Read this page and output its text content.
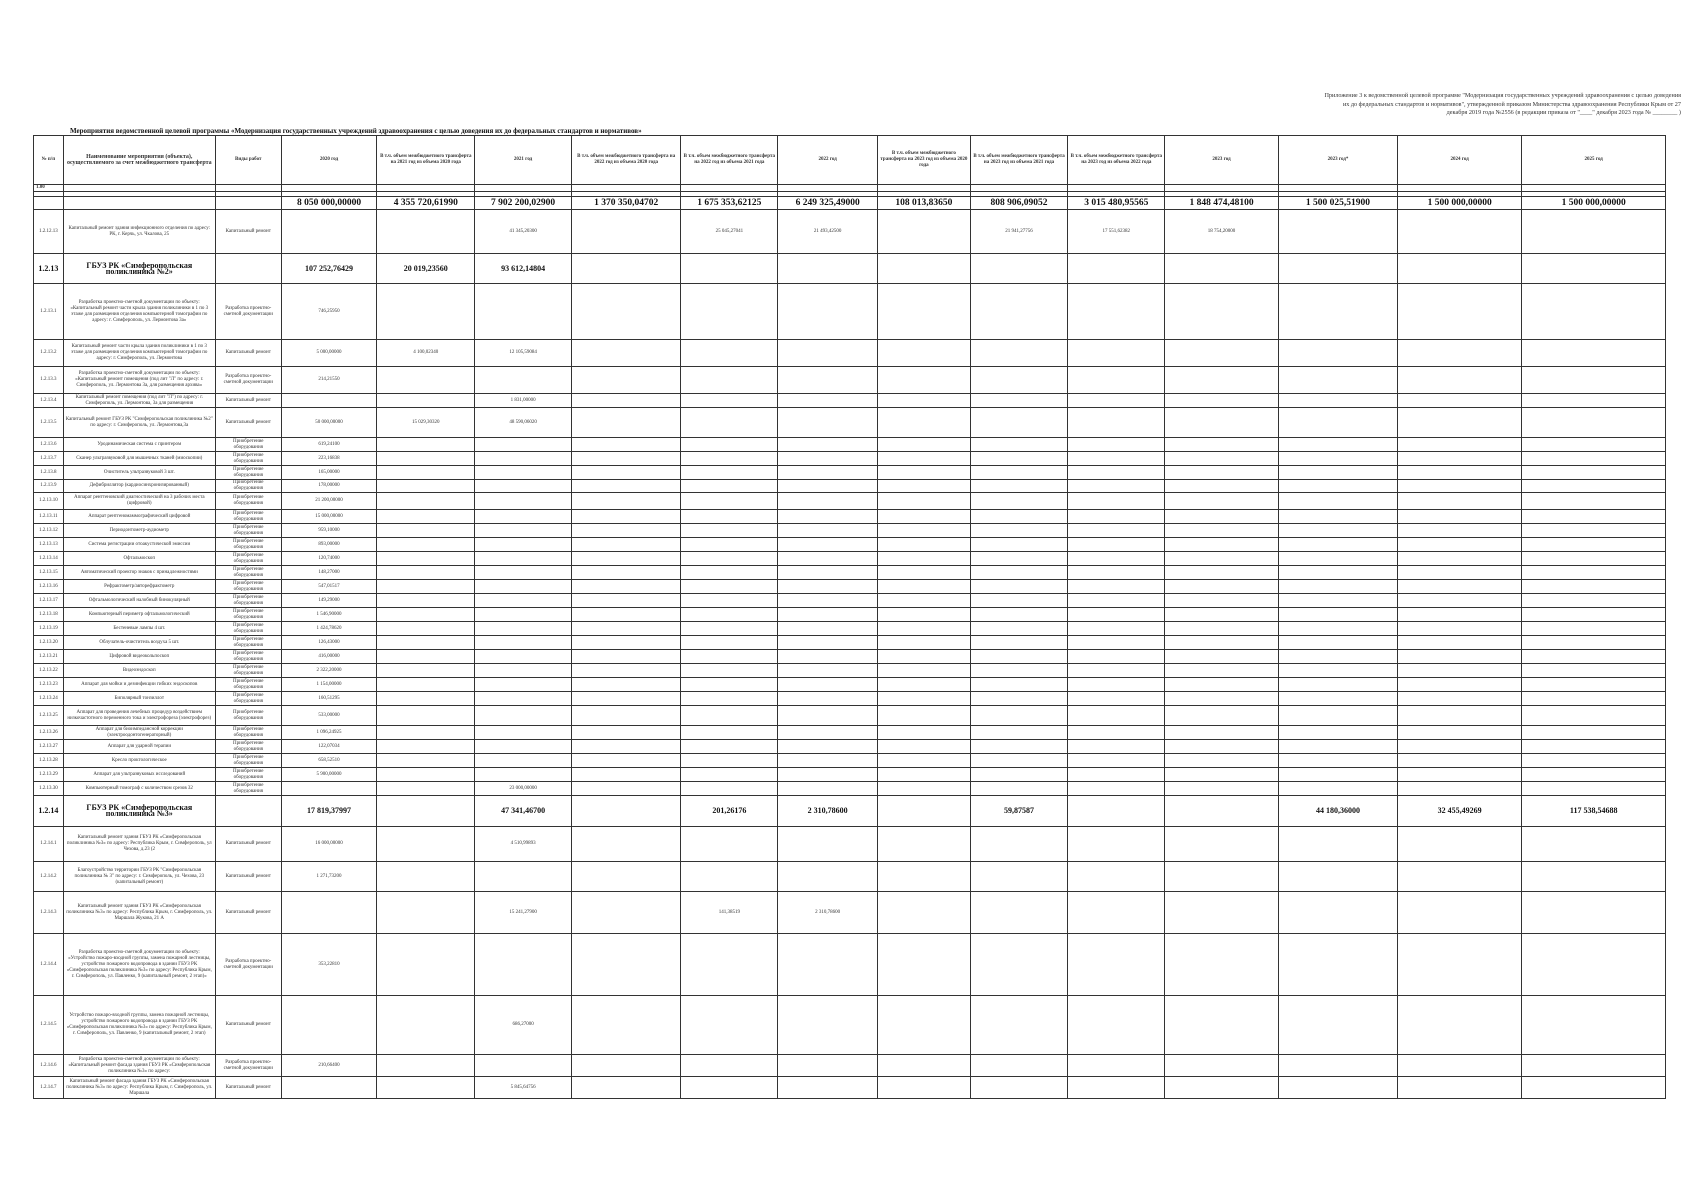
Приложение 3 к ведомственной целевой программе "Модернизация государственных учреждений здравоохранения с целью доведения
их до федеральных стандартов и нормативов", утвержденной приказом Министерства здравоохранения Республики Крым от 27
декабря 2019 года №2556 (в редакции приказа от "____" декабря 2023 года № ________ )
Мероприятия ведомственной целевой программы «Модернизация государственных учреждений здравоохранения с целью доведения их до федеральных стандартов и нормативов»
№ п/п	Наименование мероприятия (объекта), осуществляемого за счет межбюджетного трансферта	Виды работ	2020 год	В т.ч. объем межбюджетного трансферта на 2021 год из объема 2020 года	2021 год	В т.ч. объем межбюджетного трансферта на 2022 год из объема 2020 года	В т.ч. объем межбюджетного трансферта на 2022 год из объема 2021 года	2022 год	В т.ч. объем межбюджетного трансферта на 2023 год из объема 2020 года	В т.ч. объем межбюджетного трансферта на 2023 год из объема 2021 года	В т.ч. объем межбюджетного трансферта на 2023 год из объема 2022 года	2023 год	2023 год*	2024 год	2025 год
1.00															

			8 050 000,00000	4 355 720,61990	7 902 200,02900	1 370 350,04702	1 675 353,62125	6 249 325,49000	108 013,83650	808 906,09052	3 015 480,95565	1 848 474,48100	1 500 025,51900	1 500 000,00000	1 500 000,00000
1.2.12.13	Капитальный ремонт здания инфекционного отделения по адресу: РК, г. Керчь, ул. Чкалова, 25	Капитальный ремонт			41 345,20300		25 045,27041	21 493,42500		21 941,27756	17 551,62382	18 754,20000			
1.2.13	ГБУЗ РК «Симферопольская поликлиника №2»		107 252,76429	20 019,23560	93 612,14804										
1.2.13.1	Разработка проектно-сметной документации по объекту: «Капитальный ремонт части крыла здания поликлиники в 1 по 3 этаже для размещения отделения компьютерной томографии по адресу: г. Симферополь, ул. Лермонтова 3а»	Разработка проектно-сметной документации	746,25950												
1.2.13.2	Капитальный ремонт части крыла здания поликлиники в 1 по 3 этаже для размещения отделения компьютерной томографии по адресу: г. Симферополь, ул. Лермонтова	Капитальный ремонт	5 000,00000	4 100,02340	12 105,59084										
1.2.13.3	Разработка проектно-сметной документации по объекту: «Капитальный ремонт помещения (под лит "Л" по адресу: г. Симферополь, ул. Лермонтова 3а, для размещения архива»	Разработка проектно-сметной документации	214,21550												
1.2.13.4	Капитальный ремонт помещения (под лит "Л") по адресу: г. Симферополь, ул. Лермонтова, 3а для размещения	Капитальный ремонт			1 831,00000										
1.2.13.5	Капитальный ремонт ГБУЗ РК "Симферопольская поликлиника №2" по адресу: г. Симферополь, ул. Лермонтова,3а	Капитальный ремонт	50 000,00000	15 029,30320	48 590,06020										
1.2.13.6	Уродинамическая система с принтером	Приобретение оборудования	619,24100												
1.2.13.7	Сканер ультразвуковой для мышечных тканей (миоскопии)	Приобретение оборудования	223,16838												
1.2.13.8	Очиститель ультразвуковой 3 шт.	Приобретение оборудования	165,00000												
1.2.13.9	Дефибриллятор (кардиосинхронизированный)	Приобретение оборудования	178,00000												
1.2.13.10	Аппарат ренттеновский диагностический на 3 рабочих места (цифровой)	Приобретение оборудования	21 200,00000												
1.2.13.11	Аппарат рентгеномаммографический цифровой	Приобретение оборудования	15 000,00000												
1.2.13.12	Периодонтометр-аудиометр	Приобретение оборудования	959,10000												
1.2.13.13	Система регистрации отоакустической эмиссии	Приобретение оборудования	893,00000												
1.2.13.14	Офтальмоскоп	Приобретение оборудования	120,74000												
1.2.13.15	Автоматический проектор знаков с принадлежностями	Приобретение оборудования	148,27000												
1.2.13.16	Рефрактометр/авторефрактометр	Приобретение оборудования	547,01517												
1.2.13.17	Офтальмологический налобный бинокулярный	Приобретение оборудования	149,29000												
1.2.13.18	Компьютерный периметр офтальмологический	Приобретение оборудования	1 546,90000												
1.2.13.19	Бестеневые лампы 4 шт.	Приобретение оборудования	1 424,78620												
1.2.13.20	Облучатель-очиститель воздуха 5 шт.	Приобретение оборудования	126,43000												
1.2.13.21	Цифровой видеокольпоскоп	Приобретение оборудования	416,00000												
1.2.13.22	Видеоэндоскоп	Приобретение оборудования	2 322,20000												
1.2.13.23	Аппарат для мойки и дезинфекции гибких эндоскопов	Приобретение оборудования	1 154,00000												
1.2.13.24	Биполярный тонзиллот	Приобретение оборудования	160,51295												
1.2.13.25	Аппарат для проведения лечебных процедур воздействием низкочастотного переменного тока и электрофореза (электрофорез)	Приобретение оборудования	533,00000												
1.2.13.26	Аппарат для биоимпедансной коррекции (электроодонтогенераторный)	Приобретение оборудования	1 096,24925												
1.2.13.27	Аппарат для ударной терапии	Приобретение оборудования	122,07034												
1.2.13.28	Кресло проктологическое	Приобретение оборудования	658,52510												
1.2.13.29	Аппарат для ультразвуковых исследований	Приобретение оборудования	5 900,00000												
1.2.13.30	Компьютерный томограф с количеством срезов 32	Приобретение оборудования			23 000,00000										
1.2.14	ГБУЗ РК «Симферопольская поликлиника №3»		17 819,37997		47 341,46700		201,26176	2 310,78600		59,87587			44 180,36000	32 455,49269	117 538,54688
1.2.14.1	Капитальный ремонт здания ГБУЗ РК «Симферопольская поликлиника №3» по адресу: Республика Крым, г. Симферополь, ул Чехова, д.23 (2	Капитальный ремонт	16 000,00000		4 510,99893										
1.2.14.2	Благоустройство территории ГБУЗ РК "Симферопольская поликлиника № 3" по адресу: г. Симферополь, ул. Чехова, 23 (капитальный ремонт)	Капитальный ремонт	1 271,73200												
1.2.14.3	Капитальный ремонт здания ГБУЗ РК «Симферопольская поликлиника №3» по адресу: Республика Крым, г. Симферополь, ул. Маршала Жукова, 21 А	Капитальный ремонт			15 241,27900		141,38519	2 310,78600							
1.2.14.4	Разработка проектно-сметной документации по объекту: «Устройство пожаро-входной группы, замена пожарной лестницы, устройство пожарного водопровода в здании ГБУЗ РК «Симферопольская поликлиника №3» по адресу: Республика Крым, г. Симферополь, ул. Павленко, 9 (капитальный ремонт, 2 этап)»	Разработка проектно-сметной документации	353,22810												
1.2.14.5	Устройство пожаро-входной группы, замена пожарной лестницы, устройство пожарного водопровода в здании ГБУЗ РК «Симферопольская поликлиника №3» по адресу: Республика Крым, г. Симферополь, ул. Павленко, 9 (капитальный ремонт, 2 этап)	Капитальный ремонт			686,27000										
1.2.14.6	Разработка проектно-сметной документации по объекту: «Капитальный ремонт фасада здания ГБУЗ РК «Симферопольская поликлиника №3» по адресу:	Разработка проектно-сметной документации	210,66400												
1.2.14.7	Капитальный ремонт фасада здания ГБУЗ РК «Симферопольская поликлиника №3» по адресу: Республика Крым, г. Симферополь, ул. Маршала	Капитальный ремонт			5 845,64756										
